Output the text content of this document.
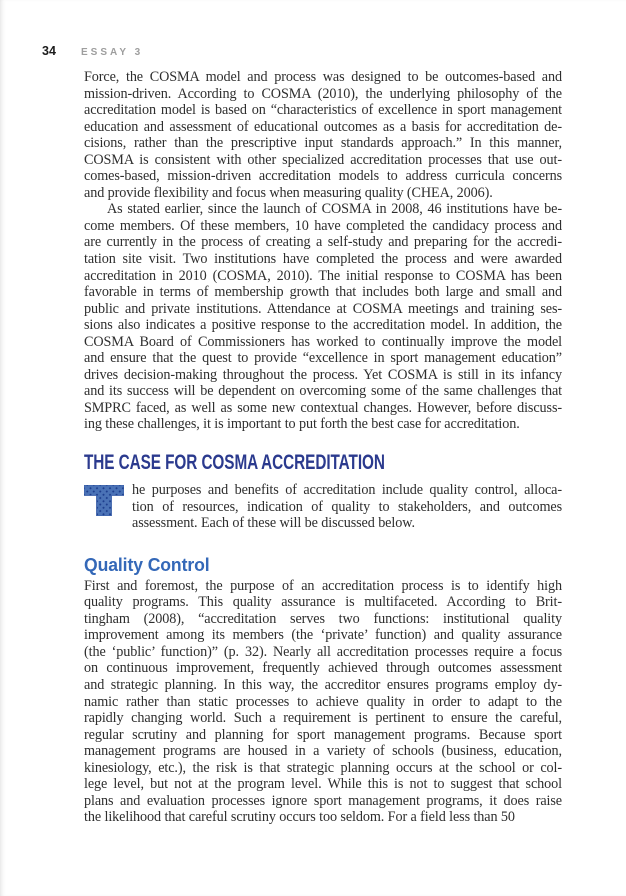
34	ESSAY 3
Force, the COSMA model and process was designed to be outcomes-based and
mission-driven. According to COSMA (2010), the underlying philosophy of the
accreditation model is based on “characteristics of excellence in sport management
education and assessment of educational outcomes as a basis for accreditation de-
cisions, rather than the prescriptive input standards approach.” In this manner,
COSMA is consistent with other specialized accreditation processes that use out-
comes-based, mission-driven accreditation models to address curricula concerns
and provide flexibility and focus when measuring quality (CHEA, 2006).
As stated earlier, since the launch of COSMA in 2008, 46 institutions have be-
come members. Of these members, 10 have completed the candidacy process and
are currently in the process of creating a self-study and preparing for the accredi-
tation site visit. Two institutions have completed the process and were awarded
accreditation in 2010 (COSMA, 2010). The initial response to COSMA has been
favorable in terms of membership growth that includes both large and small and
public and private institutions. Attendance at COSMA meetings and training ses-
sions also indicates a positive response to the accreditation model. In addition, the
COSMA Board of Commissioners has worked to continually improve the model
and ensure that the quest to provide “excellence in sport management education”
drives decision-making throughout the process. Yet COSMA is still in its infancy
and its success will be dependent on overcoming some of the same challenges that
SMPRC faced, as well as some new contextual changes. However, before discuss-
ing these challenges, it is important to put forth the best case for accreditation.
THE CASE FOR COSMA ACCREDITATION
he purposes and benefits of accreditation include quality control, alloca-
tion of resources, indication of quality to stakeholders, and outcomes
assessment. Each of these will be discussed below.
Quality Control
First and foremost, the purpose of an accreditation process is to identify high
quality programs. This quality assurance is multifaceted. According to Brit-
tingham (2008), “accreditation serves two functions: institutional quality
improvement among its members (the ‘private’ function) and quality assurance
(the ‘public’ function)” (p. 32). Nearly all accreditation processes require a focus
on continuous improvement, frequently achieved through outcomes assessment
and strategic planning. In this way, the accreditor ensures programs employ dy-
namic rather than static processes to achieve quality in order to adapt to the
rapidly changing world. Such a requirement is pertinent to ensure the careful,
regular scrutiny and planning for sport management programs. Because sport
management programs are housed in a variety of schools (business, education,
kinesiology, etc.), the risk is that strategic planning occurs at the school or col-
lege level, but not at the program level. While this is not to suggest that school
plans and evaluation processes ignore sport management programs, it does raise
the likelihood that careful scrutiny occurs too seldom. For a field less than 50
